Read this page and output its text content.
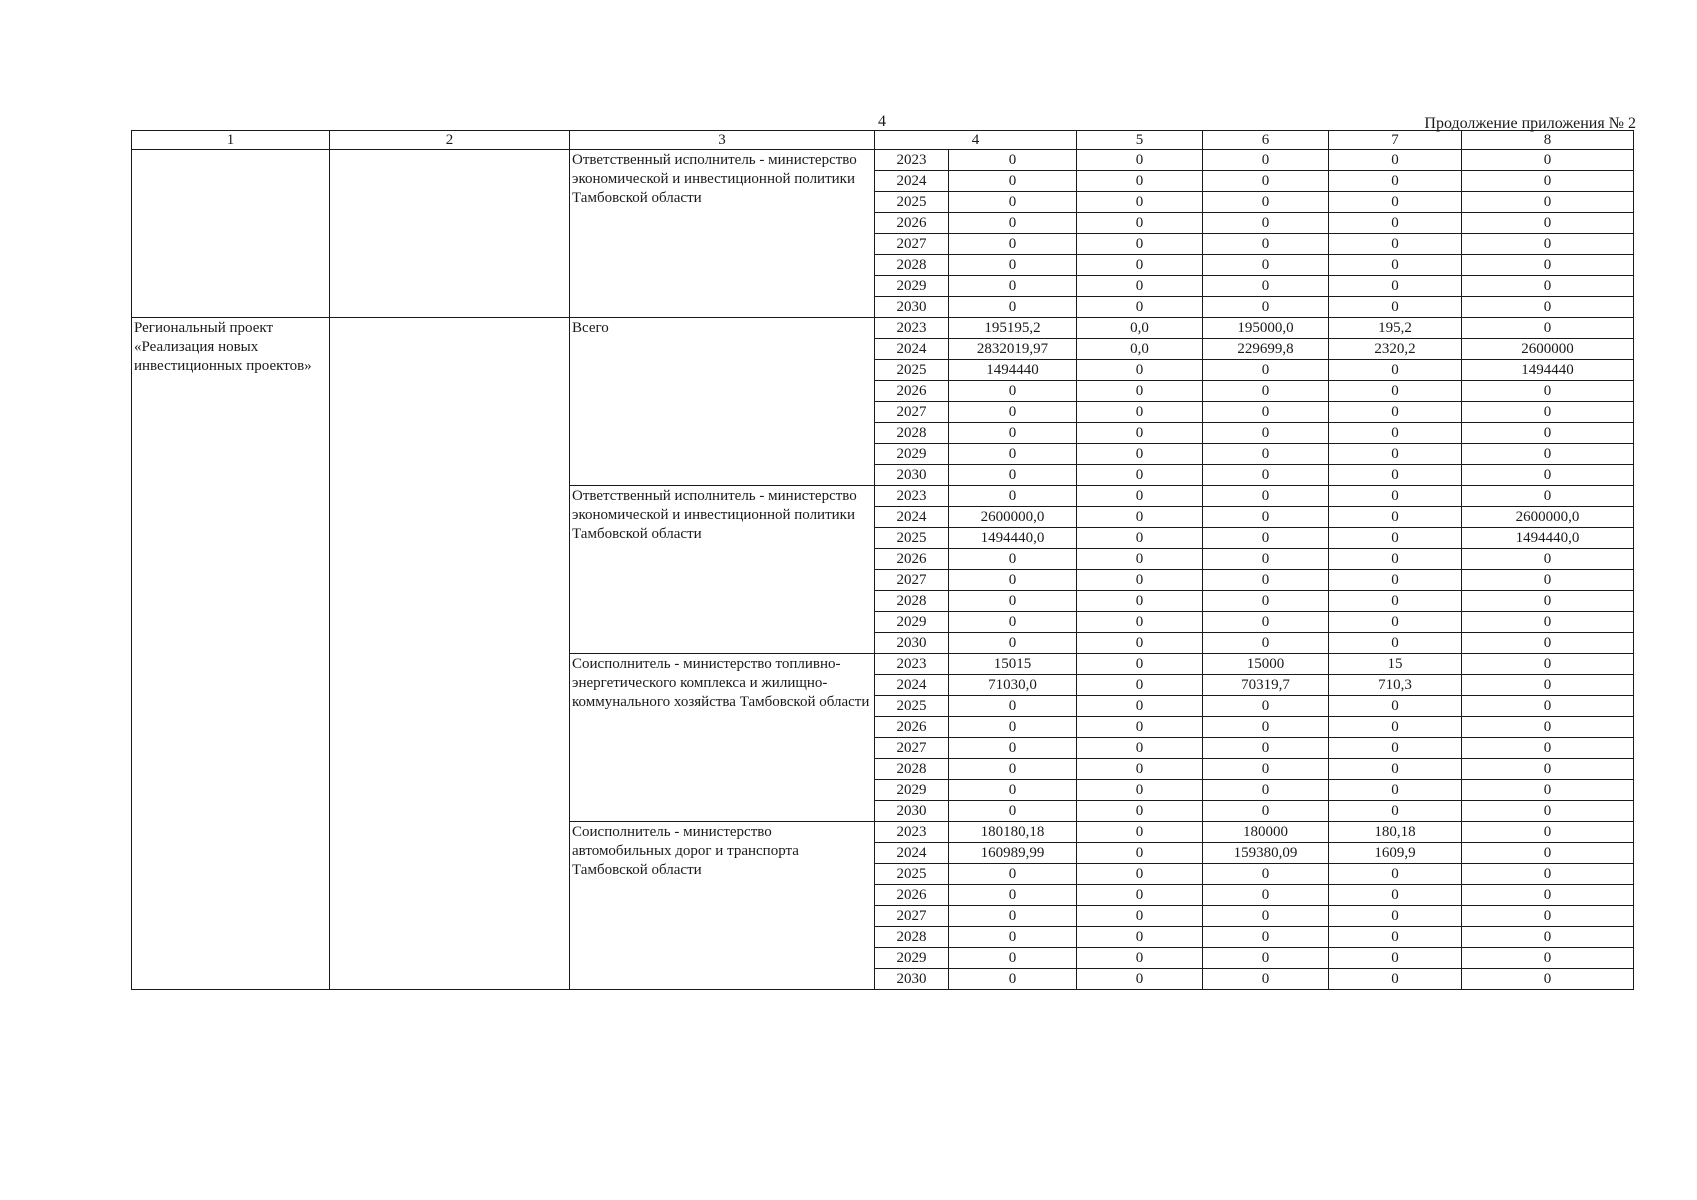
4	Продолжение приложения № 2
1	2	3	4		5	6	7	8
		Ответственный исполнитель - министерство экономической и инвестиционной политики Тамбовской области	2023	0	0	0	0	0
			2024	0	0	0	0	0
			2025	0	0	0	0	0
			2026	0	0	0	0	0
			2027	0	0	0	0	0
			2028	0	0	0	0	0
			2029	0	0	0	0	0
			2030	0	0	0	0	0
Региональный проект «Реализация новых инвестиционных проектов»		Всего	2023	195195,2	0,0	195000,0	195,2	0
			2024	2832019,97	0,0	229699,8	2320,2	2600000
			2025	1494440	0	0	0	1494440
			2026	0	0	0	0	0
			2027	0	0	0	0	0
			2028	0	0	0	0	0
			2029	0	0	0	0	0
			2030	0	0	0	0	0
		Ответственный исполнитель - министерство экономической и инвестиционной политики Тамбовской области	2023	0	0	0	0	0
			2024	2600000,0	0	0	0	2600000,0
			2025	1494440,0	0	0	0	1494440,0
			2026	0	0	0	0	0
			2027	0	0	0	0	0
			2028	0	0	0	0	0
			2029	0	0	0	0	0
			2030	0	0	0	0	0
		Соисполнитель - министерство топливно-энергетического комплекса и жилищно-коммунального хозяйства Тамбовской области	2023	15015	0	15000	15	0
			2024	71030,0	0	70319,7	710,3	0
			2025	0	0	0	0	0
			2026	0	0	0	0	0
			2027	0	0	0	0	0
			2028	0	0	0	0	0
			2029	0	0	0	0	0
			2030	0	0	0	0	0
		Соисполнитель - министерство автомобильных дорог и транспорта Тамбовской области	2023	180180,18	0	180000	180,18	0
			2024	160989,99	0	159380,09	1609,9	0
			2025	0	0	0	0	0
			2026	0	0	0	0	0
			2027	0	0	0	0	0
			2028	0	0	0	0	0
			2029	0	0	0	0	0
			2030	0	0	0	0	0
